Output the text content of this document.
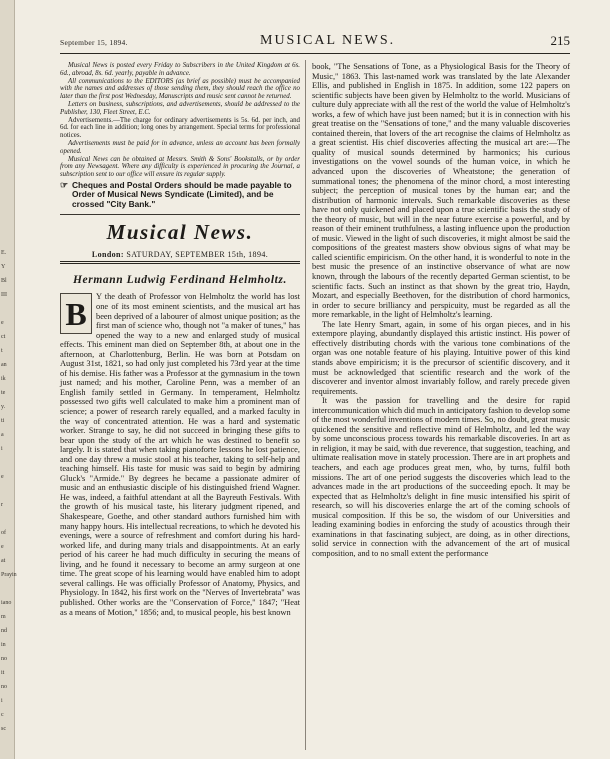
E.
Y
Bl
III
e
ct
t
an
ik
te
y.
ti
a
i
e
r
of
e
at
Prayin
iano
m
nd
in
no
it
no
i
c
sc
September 15, 1894.	MUSICAL NEWS.	215

Musical News is posted every Friday to Subscribers in the United Kingdom at 6s. 6d., abroad, 8s. 6d. yearly, payable in advance.

All communications to the EDITORS (as brief as possible) must be accompanied with the names and addresses of those sending them, they should reach the office no later than the first post Wednesday, Manuscripts and music sent cannot be returned.

Letters on business, subscriptions, and advertisements, should be addressed to the Publisher, 130, Fleet Street, E.C.

Advertisements.—The charge for ordinary advertisements is 5s. 6d. per inch, and 6d. for each line in addition; long ones by arrangement. Special terms for professional notices.

Advertisements must be paid for in advance, unless an account has been formally opened.

Musical News can be obtained at Messrs. Smith & Sons' Bookstalls, or by order from any Newsagent. Where any difficulty is experienced in procuring the Journal, a subscription sent to our office will ensure its regular supply.

☞ Cheques and Postal Orders should be made payable to Order of Musical News Syndicate (Limited), and be crossed "City Bank."
Musical News.
London: SATURDAY, SEPTEMBER 15th, 1894.
Hermann Ludwig Ferdinand Helmholtz.
B	Y the death of Professor von Helmholtz the world has lost one of its most eminent scientists, and the musical art has been deprived of a labourer of almost unique position; as the first man of science who, though not "a maker of tunes," has opened the way to a new and enlarged study of musical effects. This eminent man died on September 8th, at about one in the afternoon, at Charlottenburg, Berlin. He was born at Potsdam on August 31st, 1821, so had only just completed his 73rd year at the time of his demise. His father was a Professor at the gymnasium in the town just named; and his mother, Caroline Penn, was a member of an English family settled in Germany. In temperament, Helmholtz possessed two gifts well calculated to make him a prominent man of science; a power of research rarely equalled, and a marked faculty in the way of concentrated attention. He was a hard and systematic worker. Strange to say, he did not succeed in bringing these gifts to bear upon the study of the art which he was destined to benefit so largely. It is stated that when taking pianoforte lessons he lost patience, and one day threw a music stool at his teacher, taking to self-help and teaching himself. His taste for music was said to begin by admiring Gluck's "Armide." By degrees he became a passionate admirer of music and an enthusiastic disciple of his distinguished friend Wagner. He was, indeed, a faithful attendant at all the Bayreuth Festivals. With the growth of his musical taste, his literary judgment ripened, and Shakespeare, Goethe, and other standard authors furnished him with many happy hours. His intellectual recreations, to which he devoted his evenings, were a source of refreshment and comfort during his hard-worked life, and during many trials and disappointments. At an early period of his career he had much difficulty in securing the means of living, and he found it necessary to become an army surgeon at one time. The great scope of his learning would have enabled him to adopt several callings. He was officially Professor of Anatomy, Physics, and Physiology. In 1842, his first work on the "Nerves of Invertebrata" was published. Other works are the "Conservation of Force," 1847; "Heat as a means of Motion," 1856; and, to musical people, his best known

book, "The Sensations of Tone, as a Physiological Basis for the Theory of Music," 1863. This last-named work was translated by the late Alexander Ellis, and published in English in 1875. In addition, some 122 papers on scientific subjects have been given by Helmholtz to the world. Musicians of culture duly appreciate with all the rest of the world the value of Helmholtz's works, a few of which have just been named; but it is in connection with his great treatise on the "Sensations of tone," and the many valuable discoveries contained therein, that lovers of the art recognise the claims of Helmholtz as a great scientist. His chief discoveries affecting the musical art are:—The quality of musical sounds determined by harmonics; his curious investigations on the vowel sounds of the human voice, in which he advanced upon the discoveries of Wheatstone; the generation of summational tones; the phenomena of the minor chord, a most interesting subject; the perception of musical tones by the human ear; and the distribution of harmonic intervals. Such remarkable discoveries as these have not only quickened and placed upon a true scientific basis the study of the theory of music, but will in the near future exercise a powerful, and by reason of their eminent truthfulness, a lasting influence upon the production of music. Viewed in the light of such discoveries, it might almost be said the compositions of the greatest masters show obvious signs of what may be called scientific empiricism. On the other hand, it is wonderful to note in the best music the presence of an instinctive observance of what are now known, through the labours of the recently departed German scientist, to be scientific facts. Such an instinct as that shown by the great trio, Haydn, Mozart, and especially Beethoven, for the distribution of chord harmonics, in order to secure brilliancy and perspicuity, must be regarded as all the more remarkable, in the light of Helmholtz's learning.

The late Henry Smart, again, in some of his organ pieces, and in his extempore playing, abundantly displayed this artistic instinct. His power of effectively distributing chords with the various tone combinations of the organ was one notable feature of his playing. Intuitive power of this kind stands above empiricism; it is the precursor of scientific discovery, and it must be acknowledged that scientific research and the work of the discoverer and inventor almost invariably follow, and rarely precede given requirements.

It was the passion for travelling and the desire for rapid intercommunication which did much in anticipatory fashion to develop some of the most wonderful inventions of modern times. So, no doubt, great music quickened the sensitive and reflective mind of Helmholtz, and led the way by some unconscious process towards his remarkable discoveries. In art as in religion, it may be said, with due reverence, that suggestion, teaching, and ultimate realisation move in stately procession. There are in art prophets and teachers, and each age produces great men, who, by turns, fulfil both missions. The art of one period suggests the discoveries which lead to the advances made in the art productions of the succeeding epoch. It may be expected that as Helmholtz's delight in fine music intensified his spirit of research, so will his discoveries enlarge the art of the coming schools of musical composition. If this be so, the wisdom of our Universities and leading examining bodies in enforcing the study of acoustics through their examinations in that fascinating subject, are doing, as in other directions, solid service in connection with the advancement of the art of musical composition, and to no small extent the performance
